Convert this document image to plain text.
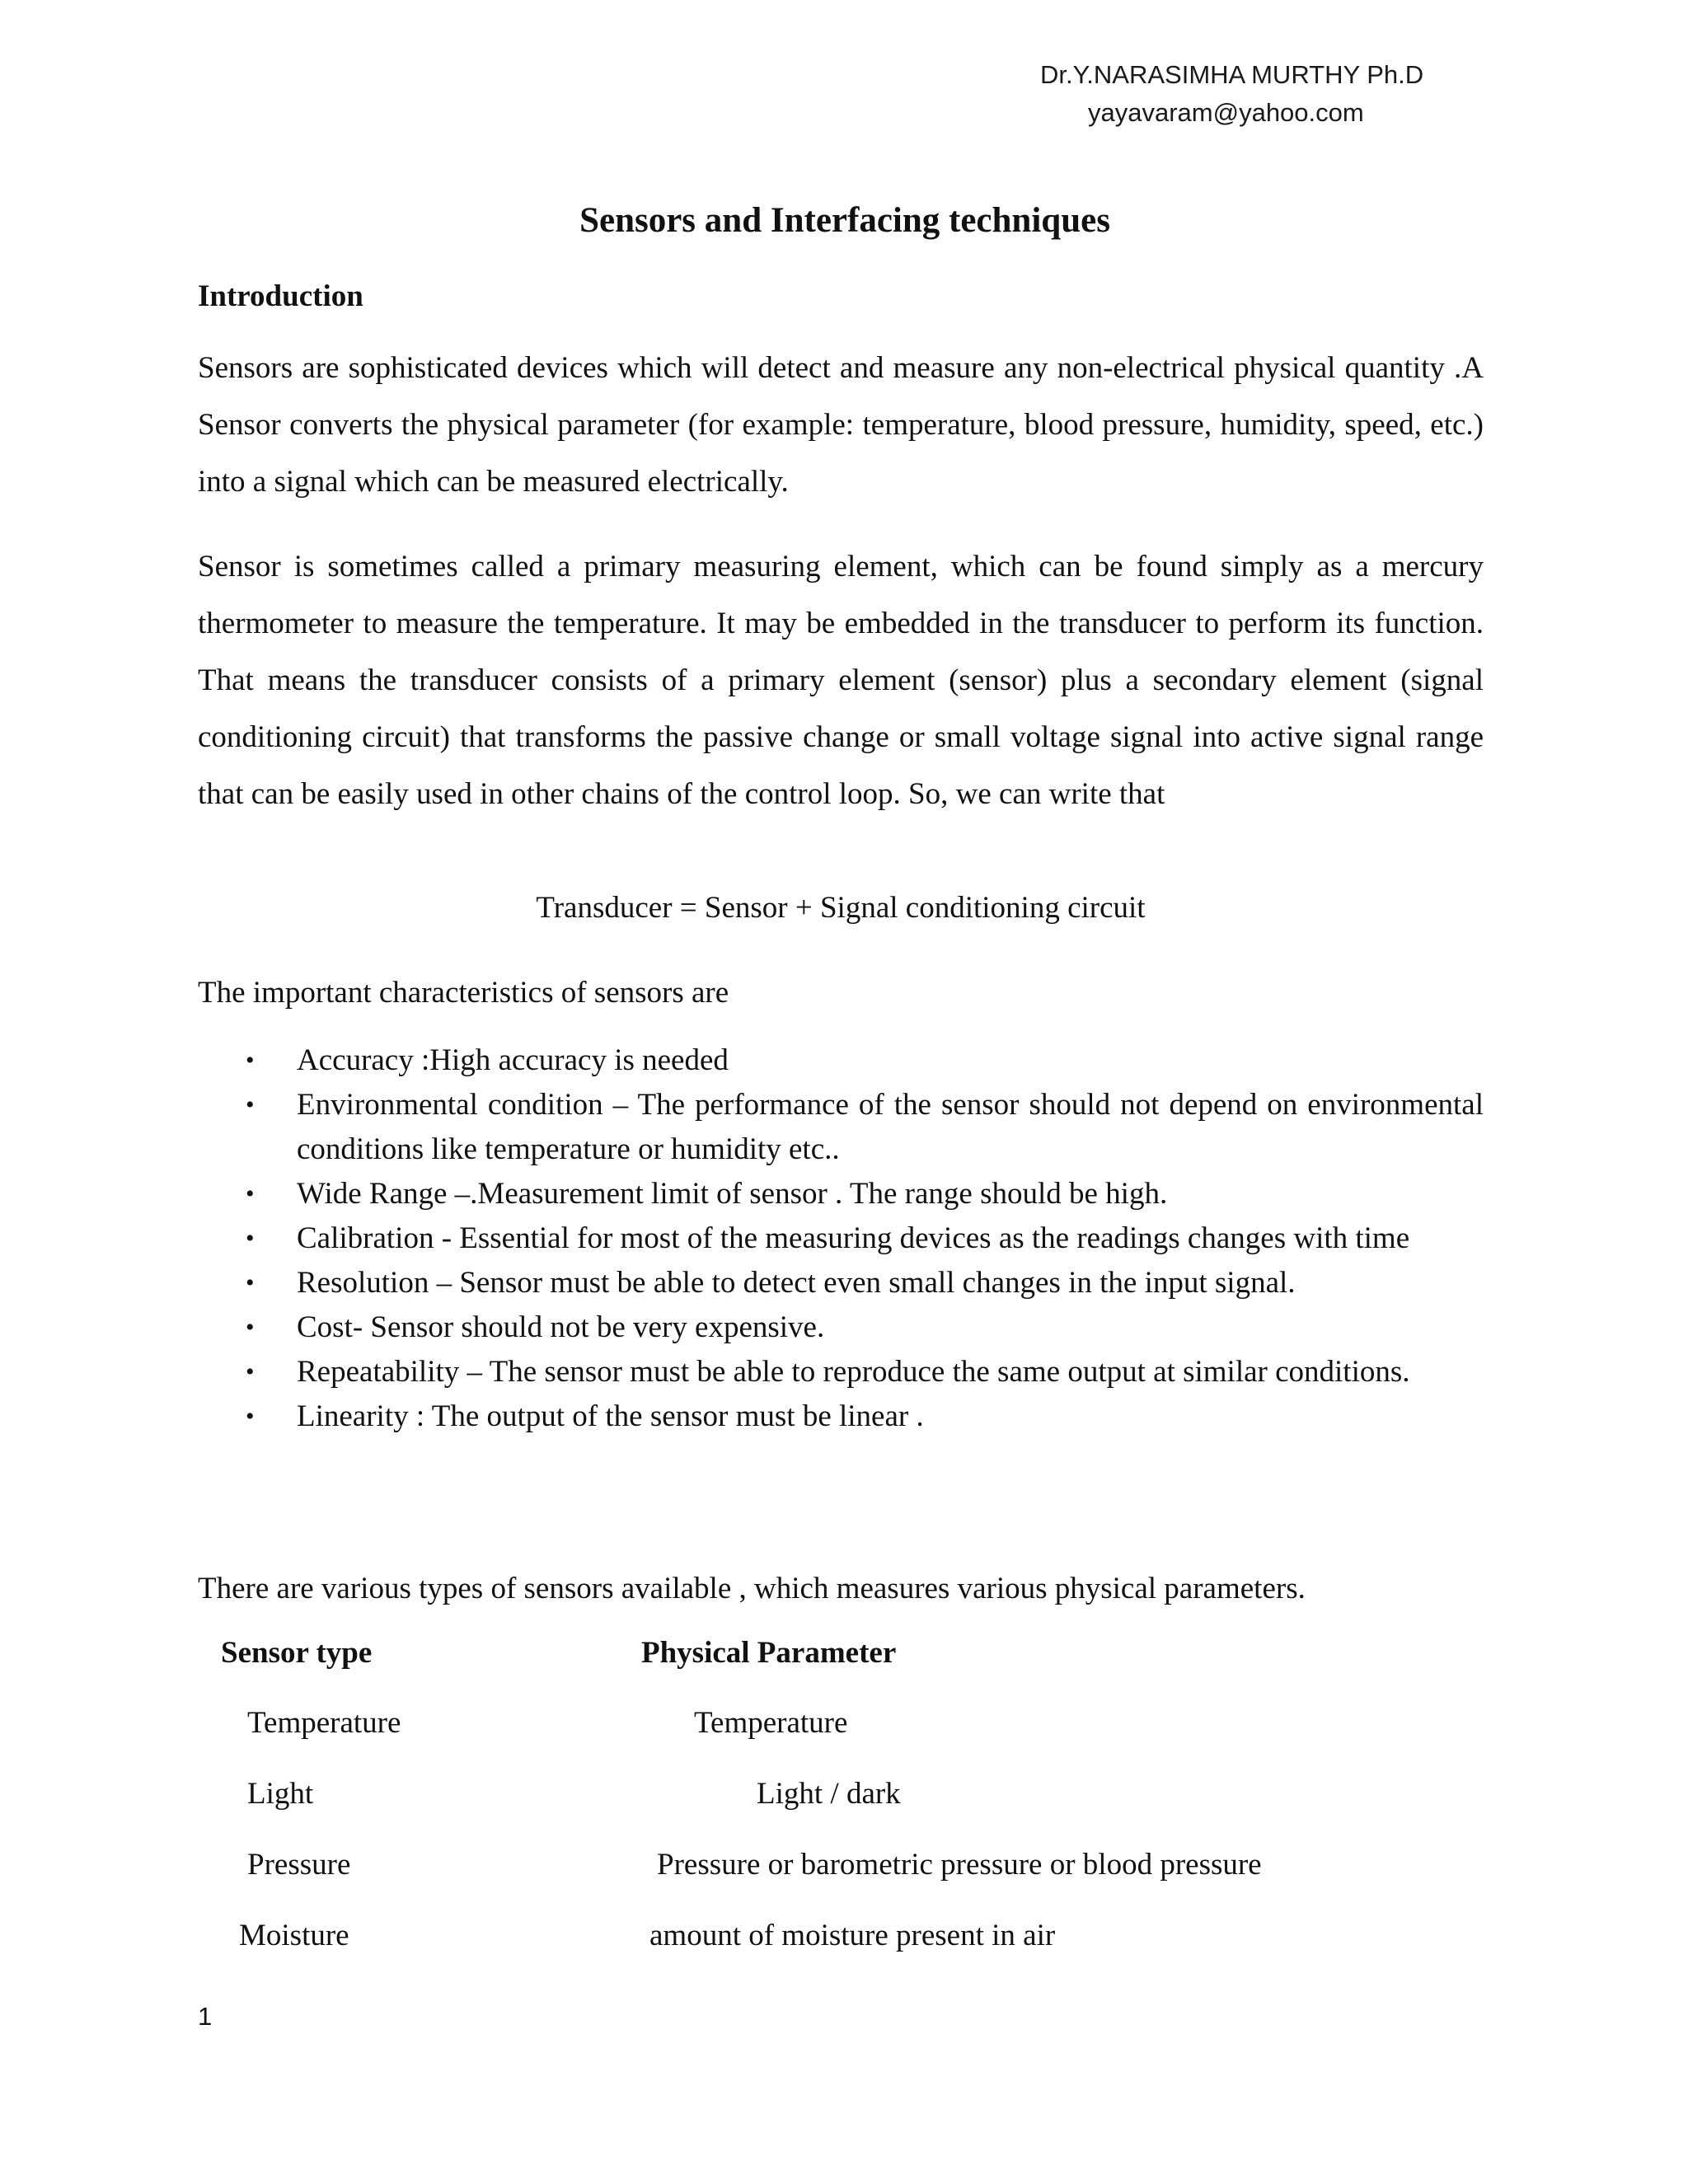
Dr.Y.NARASIMHA MURTHY Ph.D
yayavaram@yahoo.com
Sensors and Interfacing techniques
Introduction

Sensors are sophisticated devices which will detect and measure any non-electrical physical quantity .A Sensor converts the physical parameter (for example: temperature, blood pressure, humidity, speed, etc.) into a signal which can be measured electrically.

Sensor is sometimes called a primary measuring element, which can be found simply as a mercury thermometer to measure the temperature. It may be embedded in the transducer to perform its function. That means the transducer consists of a primary element (sensor) plus a secondary element (signal conditioning circuit) that transforms the passive change or small voltage signal into active signal range that can be easily used in other chains of the control loop. So, we can write that

Transducer = Sensor + Signal conditioning circuit

The important characteristics of sensors are

• Accuracy :High accuracy is needed
• Environmental condition – The performance of the sensor should not depend on environmental conditions like temperature or humidity etc..
• Wide Range –.Measurement limit of sensor . The range should be high.
• Calibration - Essential for most of the measuring devices as the readings changes with time
• Resolution – Sensor must be able to detect even small changes in the input signal.
• Cost- Sensor should not be very expensive.
• Repeatability – The sensor must be able to reproduce the same output at similar conditions.
• Linearity : The output of the sensor must be linear .

There are various types of sensors available , which measures various physical parameters.

Sensor type	Physical Parameter
Temperature	Temperature
Light	Light / dark
Pressure	Pressure or barometric pressure or blood pressure
Moisture	amount of moisture present in air
1
